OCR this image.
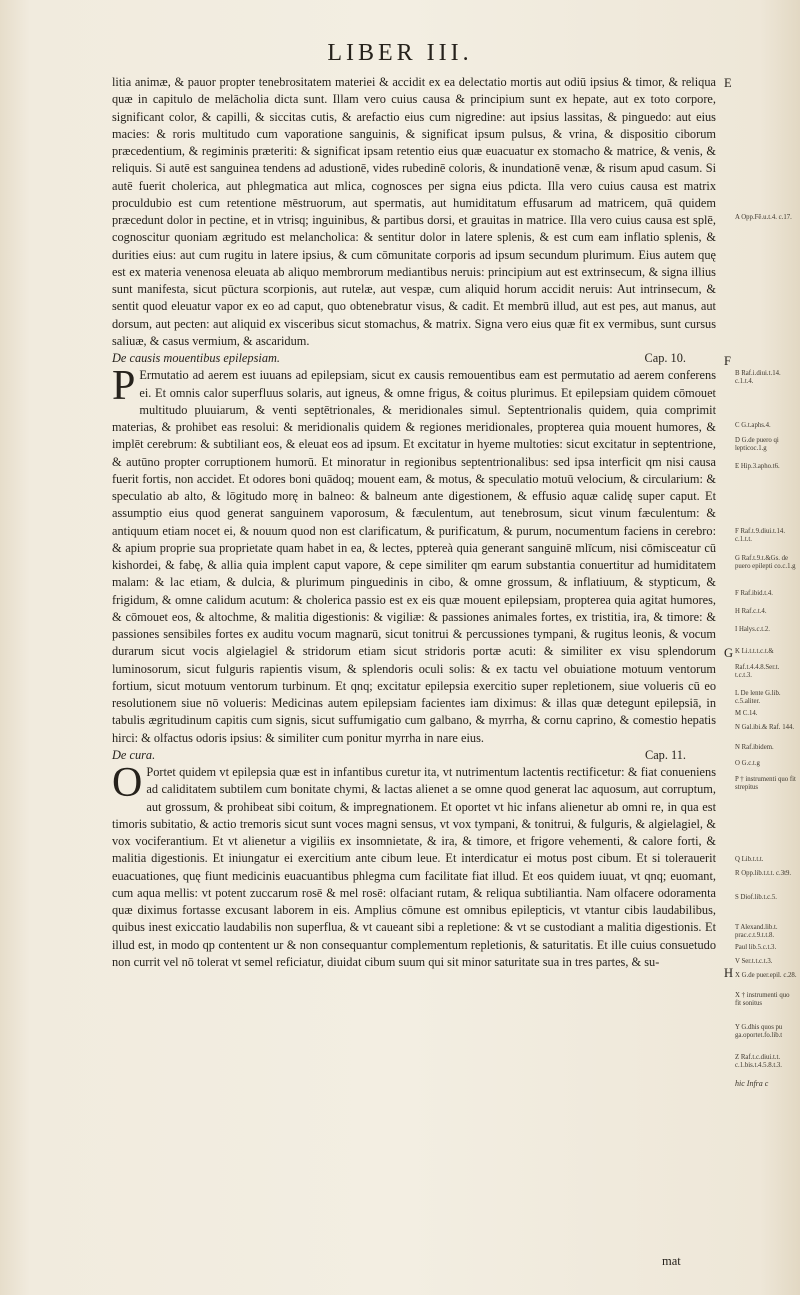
LIBER III.

litia animæ, & pauor propter tenebrositatem materiei & accidit ex ea delectatio mortis aut odiū ipsius & timor, & reliqua quæ in capitulo de melācholia dicta sunt. Illam vero cuius causa & principium sunt ex hepate, aut ex toto corpore, significant color, & capilli, & siccitas cutis, & arefactio eius cum nigredine: aut ipsius lassitas, & pinguedo: aut eius macies: & roris multitudo cum vaporatione sanguinis, & significat ipsum pulsus, & vrina, & dispositio ciborum præcedentium, & regiminis præteriti: & significat ipsam retentio eius quæ euacuatur ex stomacho & matrice, & venis, & reliquis. Si autē est sanguinea tendens ad adustionē, vides rubedinē coloris, & inundationē venæ, & risum apud casum. Si autē fuerit cholerica, aut phlegmatica aut mlica, cognosces per signa eius pdicta. Illa vero cuius causa est matrix proculdubio est cum retentione mēstruorum, aut spermatis, aut humiditatum effusarum ad matricem, quā quidem præcedunt dolor in pectine, et in vtrisq; inguinibus, & partibus dorsi, et grauitas in matrice. Illa vero cuius causa est splē, cognoscitur quoniam ægritudo est melancholica: & sentitur dolor in latere splenis, & est cum eam inflatio splenis, & durities eius: aut cum rugitu in latere ipsius, & cum cōmunitate corporis ad ipsum secundum plurimum. Eius autem quę est ex materia venenosa eleuata ab aliquo membrorum mediantibus neruis: principium aut est extrinsecum, & signa illius sunt manifesta, sicut pūctura scorpionis, aut rutelæ, aut vespæ, cum aliquid horum accidit neruis: Aut intrinsecum, & sentit quod eleuatur vapor ex eo ad caput, quo obtenebratur visus, & cadit. Et membrū illud, aut est pes, aut manus, aut dorsum, aut pecten: aut aliquid ex visceribus sicut stomachus, & matrix. Signa vero eius quæ fit ex vermibus, sunt cursus saliuæ, & casus vermium, & ascaridum.

De causis mouentibus epilepsiam.	Cap. 10.

P Ermutatio ad aerem est iuuans ad epilepsiam, sicut ex causis remouentibus eam est permutatio ad aerem conferens ei. Et omnis calor superfluus solaris, aut igneus, & omne frigus, & coitus plurimus. Et epilepsiam quidem cōmouet multitudo pluuiarum, & venti septētrionales, & meridionales simul. Septentrionalis quidem, quia comprimit materias, & prohibet eas resolui: & meridionalis quidem & regiones meridionales, propterea quia mouent humores, & implēt cerebrum: & subtiliant eos, & eleuat eos ad ipsum. Et excitatur in hyeme multoties: sicut excitatur in septentrione, & autūno propter corruptionem humorū. Et minoratur in regionibus septentrionalibus: sed ipsa interficit qm nisi causa fuerit fortis, non accidet. Et odores boni quādoq; mouent eam, & motus, & speculatio motuū velocium, & circularium: & speculatio ab alto, & lōgitudo morę in balneo: & balneum ante digestionem, & effusio aquæ calidę super caput. Et assumptio eius quod generat sanguinem vaporosum, & fæculentum, aut tenebrosum, sicut vinum fæculentum: & antiquum etiam nocet ei, & nouum quod non est clarificatum, & purificatum, & purum, nocumentum faciens in cerebro: & apium proprie sua proprietate quam habet in ea, & lectes, pptereà quia generant sanguinē mlīcum, nisi cōmisceatur cū kishordei, & fabę, & allia quia implent caput vapore, & cepe similiter qm earum substantia conuertitur ad humiditatem malam: & lac etiam, & dulcia, & plurimum pinguedinis in cibo, & omne grossum, & inflatiuum, & stypticum, & frigidum, & omne calidum acutum: & cholerica passio est ex eis quæ mouent epilepsiam, propterea quia agitat humores, & cōmouet eos, & altochme, & malitia digestionis: & vigiliæ: & passiones animales fortes, ex tristitia, ira, & timore: & passiones sensibiles fortes ex auditu vocum magnarū, sicut tonitrui & percussiones tympani, & rugitus leonis, & vocum durarum sicut vocis algielagiel & stridorum etiam sicut stridoris portæ acuti: & similiter ex visu splendorum luminosorum, sicut fulguris rapientis visum, & splendoris oculi solis: & ex tactu vel obuiatione motuum ventorum fortium, sicut motuum ventorum turbinum. Et qnq; excitatur epilepsia exercitio super repletionem, siue volueris cū eo resolutionem siue nō volueris: Medicinas autem epilepsiam facientes iam diximus: & illas quæ detegunt epilepsiā, in tabulis ægritudinum capitis cum signis, sicut suffumigatio cum galbano, & myrrha, & cornu caprino, & comestio hepatis hirci: & olfactus odoris ipsius: & similiter cum ponitur myrrha in nare eius.

De cura.	Cap. 11.

O Portet quidem vt epilepsia quæ est in infantibus curetur ita, vt nutrimentum lactentis rectificetur: & fiat conueniens ad caliditatem subtilem cum bonitate chymi, & lactas alienet a se omne quod generat lac aquosum, aut corruptum, aut grossum, & prohibeat sibi coitum, & impregnationem. Et oportet vt hic infans alienetur ab omni re, in qua est timoris subitatio, & actio tremoris sicut sunt voces magni sensus, vt vox tympani, & tonitrui, & fulguris, & algielagiel, & vox vociferantium. Et vt alienetur a vigiliis ex insomnietate, & ira, & timore, et frigore vehementi, & calore forti, & malitia digestionis. Et iniungatur ei exercitium ante cibum leue. Et interdicatur ei motus post cibum. Et si tolerauerit euacuationes, quę fiunt medicinis euacuantibus phlegma cum facilitate fiat illud. Et eos quidem iuuat, vt qnq; euomant, cum aqua mellis: vt potent zuccarum rosē & mel rosē: olfaciant rutam, & reliqua subtiliantia. Nam olfacere odoramenta quæ diximus fortasse excusant laborem in eis. Amplius cōmune est omnibus epilepticis, vt vtantur cibis laudabilibus, quibus inest exiccatio laudabilis non superflua, & vt caueant sibi a repletione: & vt se custodiant a malitia digestionis. Et illud est, in modo qp contentent ur & non consequantur complementum repletionis, & saturitatis. Et ille cuius consuetudo non currit vel nō tolerat vt semel reficiatur, diuidat cibum suum qui sit minor saturitate sua in tres partes, & su-

E
F
G
H
A Opp.Fē.u.t.4. c.17.
B Raf.i.diui.t.14. c.1.t.4.
C G.t.aphs.4.
D G.de puero qi lepticoc.1.g
E Hip.3.apho.t6.
F Raf.t.9.diui.t.14. c.1.t.t.
G Raf.t.9.t.&Gs. de puero epilepti co.c.1.g
F Raf.ibid.t.4.
H Raf.c.t.4.
I Halys.c.t.2.
K Li.t.t.t.c.t.&
Raf.t.4.4.8.Ser.t. t.c.t.3.
L De lente G.lib. c.5.aliter.
M C.14.
N Gal.ibi.& Raf. 144.
N Raf.ibidem.
O G.c.t.g
P † instrumenti quo fit strepitus
Q Lib.t.t.t.
R Opp.lib.t.t.t. c.3t9.
S Diof.lib.t.c.5.
T Alexand.lib.t. prac.c.t.9.t.t.8.
Paul lib.5.c.t.3.
V Ser.t.t.c.t.3.
X G.de puer.epil. c.28.
X † instrumenti quo fit sonitus
Y G.dhis quos pu ga.oportet.fo.lib.t
Z Raf.t.c.diui.t.t. c.1.bis.t.4.5.8.t.3.
hic Infra c
mat
